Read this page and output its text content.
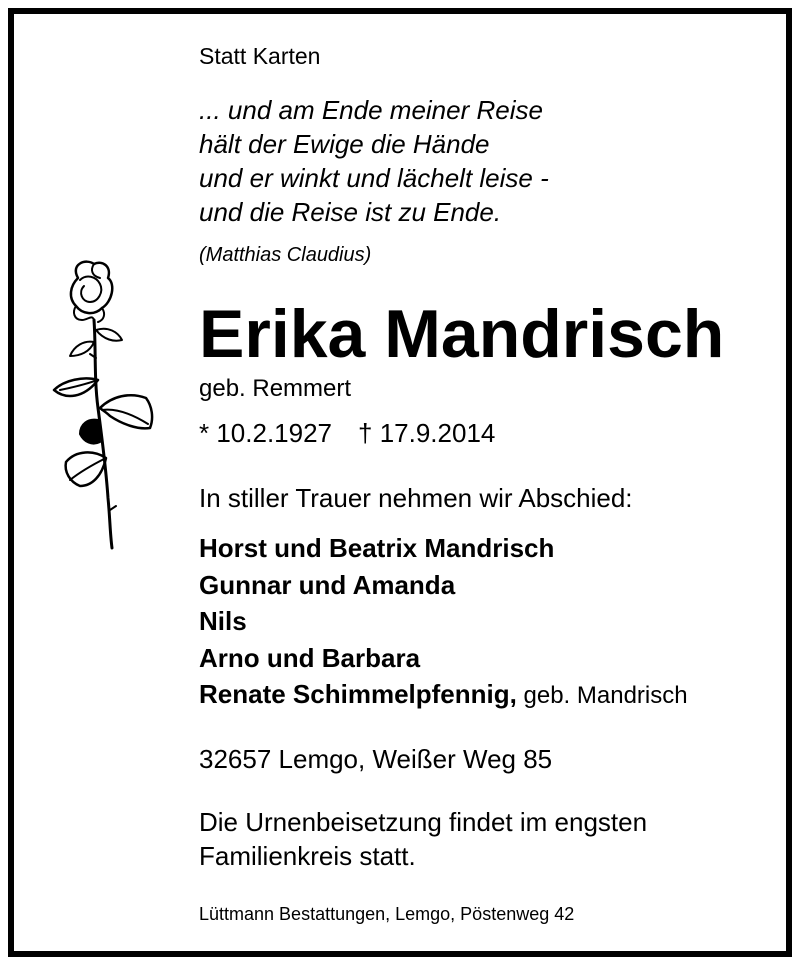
Statt Karten
... und am Ende meiner Reise
hält der Ewige die Hände
und er winkt und lächelt leise -
und die Reise ist zu Ende.
(Matthias Claudius)
Erika Mandrisch
geb. Remmert
* 10.2.1927 † 17.9.2014
In stiller Trauer nehmen wir Abschied:
Horst und Beatrix Mandrisch
Gunnar und Amanda
Nils
Arno und Barbara
Renate Schimmelpfennig, geb. Mandrisch
32657 Lemgo, Weißer Weg 85
Die Urnenbeisetzung findet im engsten
Familienkreis statt.
Lüttmann Bestattungen, Lemgo, Pöstenweg 42
